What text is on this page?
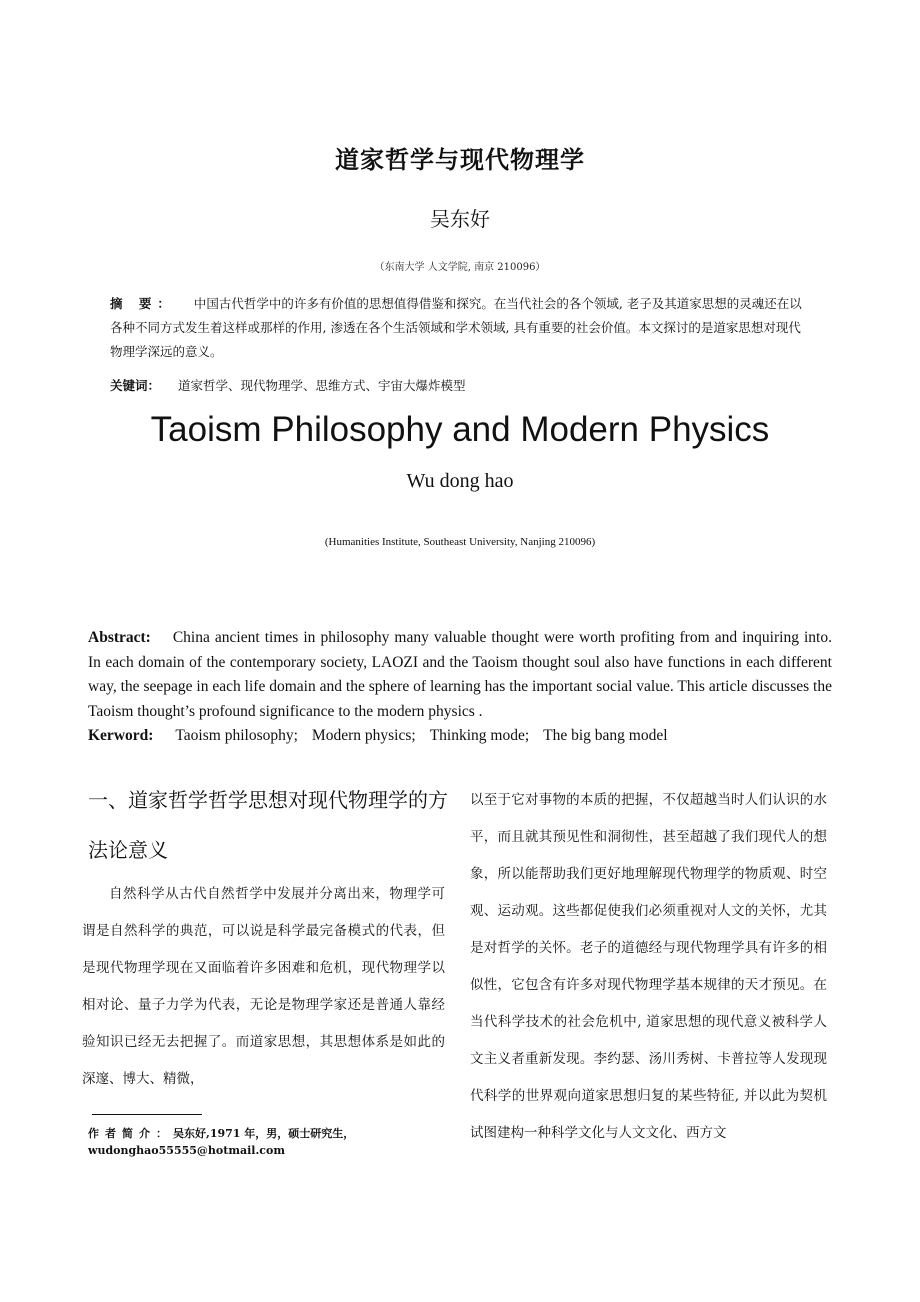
道家哲学与现代物理学
吴东好
（东南大学 人文学院, 南京 210096）
摘 要： 中国古代哲学中的许多有价值的思想值得借鉴和探究。在当代社会的各个领域, 老子及其道家思想的灵魂还在以各种不同方式发生着这样或那样的作用, 渗透在各个生活领域和学术领域, 具有重要的社会价值。本文探讨的是道家思想对现代物理学深远的意义。
关键词： 道家哲学、现代物理学、思维方式、宇宙大爆炸模型
Taoism Philosophy and Modern Physics
Wu dong hao
(Humanities Institute, Southeast University, Nanjing 210096)
Abstract: China ancient times in philosophy many valuable thought were worth profiting from and inquiring into. In each domain of the contemporary society, LAOZI and the Taoism thought soul also have functions in each different way, the seepage in each life domain and the sphere of learning has the important social value. This article discusses the Taoism thought’s profound significance to the modern physics .
Kerword: Taoism philosophy; Modern physics; Thinking mode; The big bang model
一、道家哲学哲学思想对现代物理学的方法论意义

自然科学从古代自然哲学中发展并分离出来，物理学可谓是自然科学的典范，可以说是科学最完备模式的代表，但是现代物理学现在又面临着许多困难和危机，现代物理学以相对论、量子力学为代表，无论是物理学家还是普通人靠经验知识已经无去把握了。而道家思想，其思想体系是如此的深邃、博大、精微，

以至于它对事物的本质的把握，不仅超越当时人们认识的水平，而且就其预见性和洞彻性，甚至超越了我们现代人的想象，所以能帮助我们更好地理解现代物理学的物质观、时空观、运动观。这些都促使我们必须重视对人文的关怀，尤其是对哲学的关怀。老子的道德经与现代物理学具有许多的相似性，它包含有许多对现代物理学基本规律的天才预见。在当代科学技术的社会危机中, 道家思想的现代意义被科学人文主义者重新发现。李约瑟、汤川秀树、卡普拉等人发现现代科学的世界观向道家思想归复的某些特征, 并以此为契机试图建构一种科学文化与人文文化、西方文

作者简介：吴东好,1971 年，男，硕士研究生，wudonghao55555@hotmail.com
